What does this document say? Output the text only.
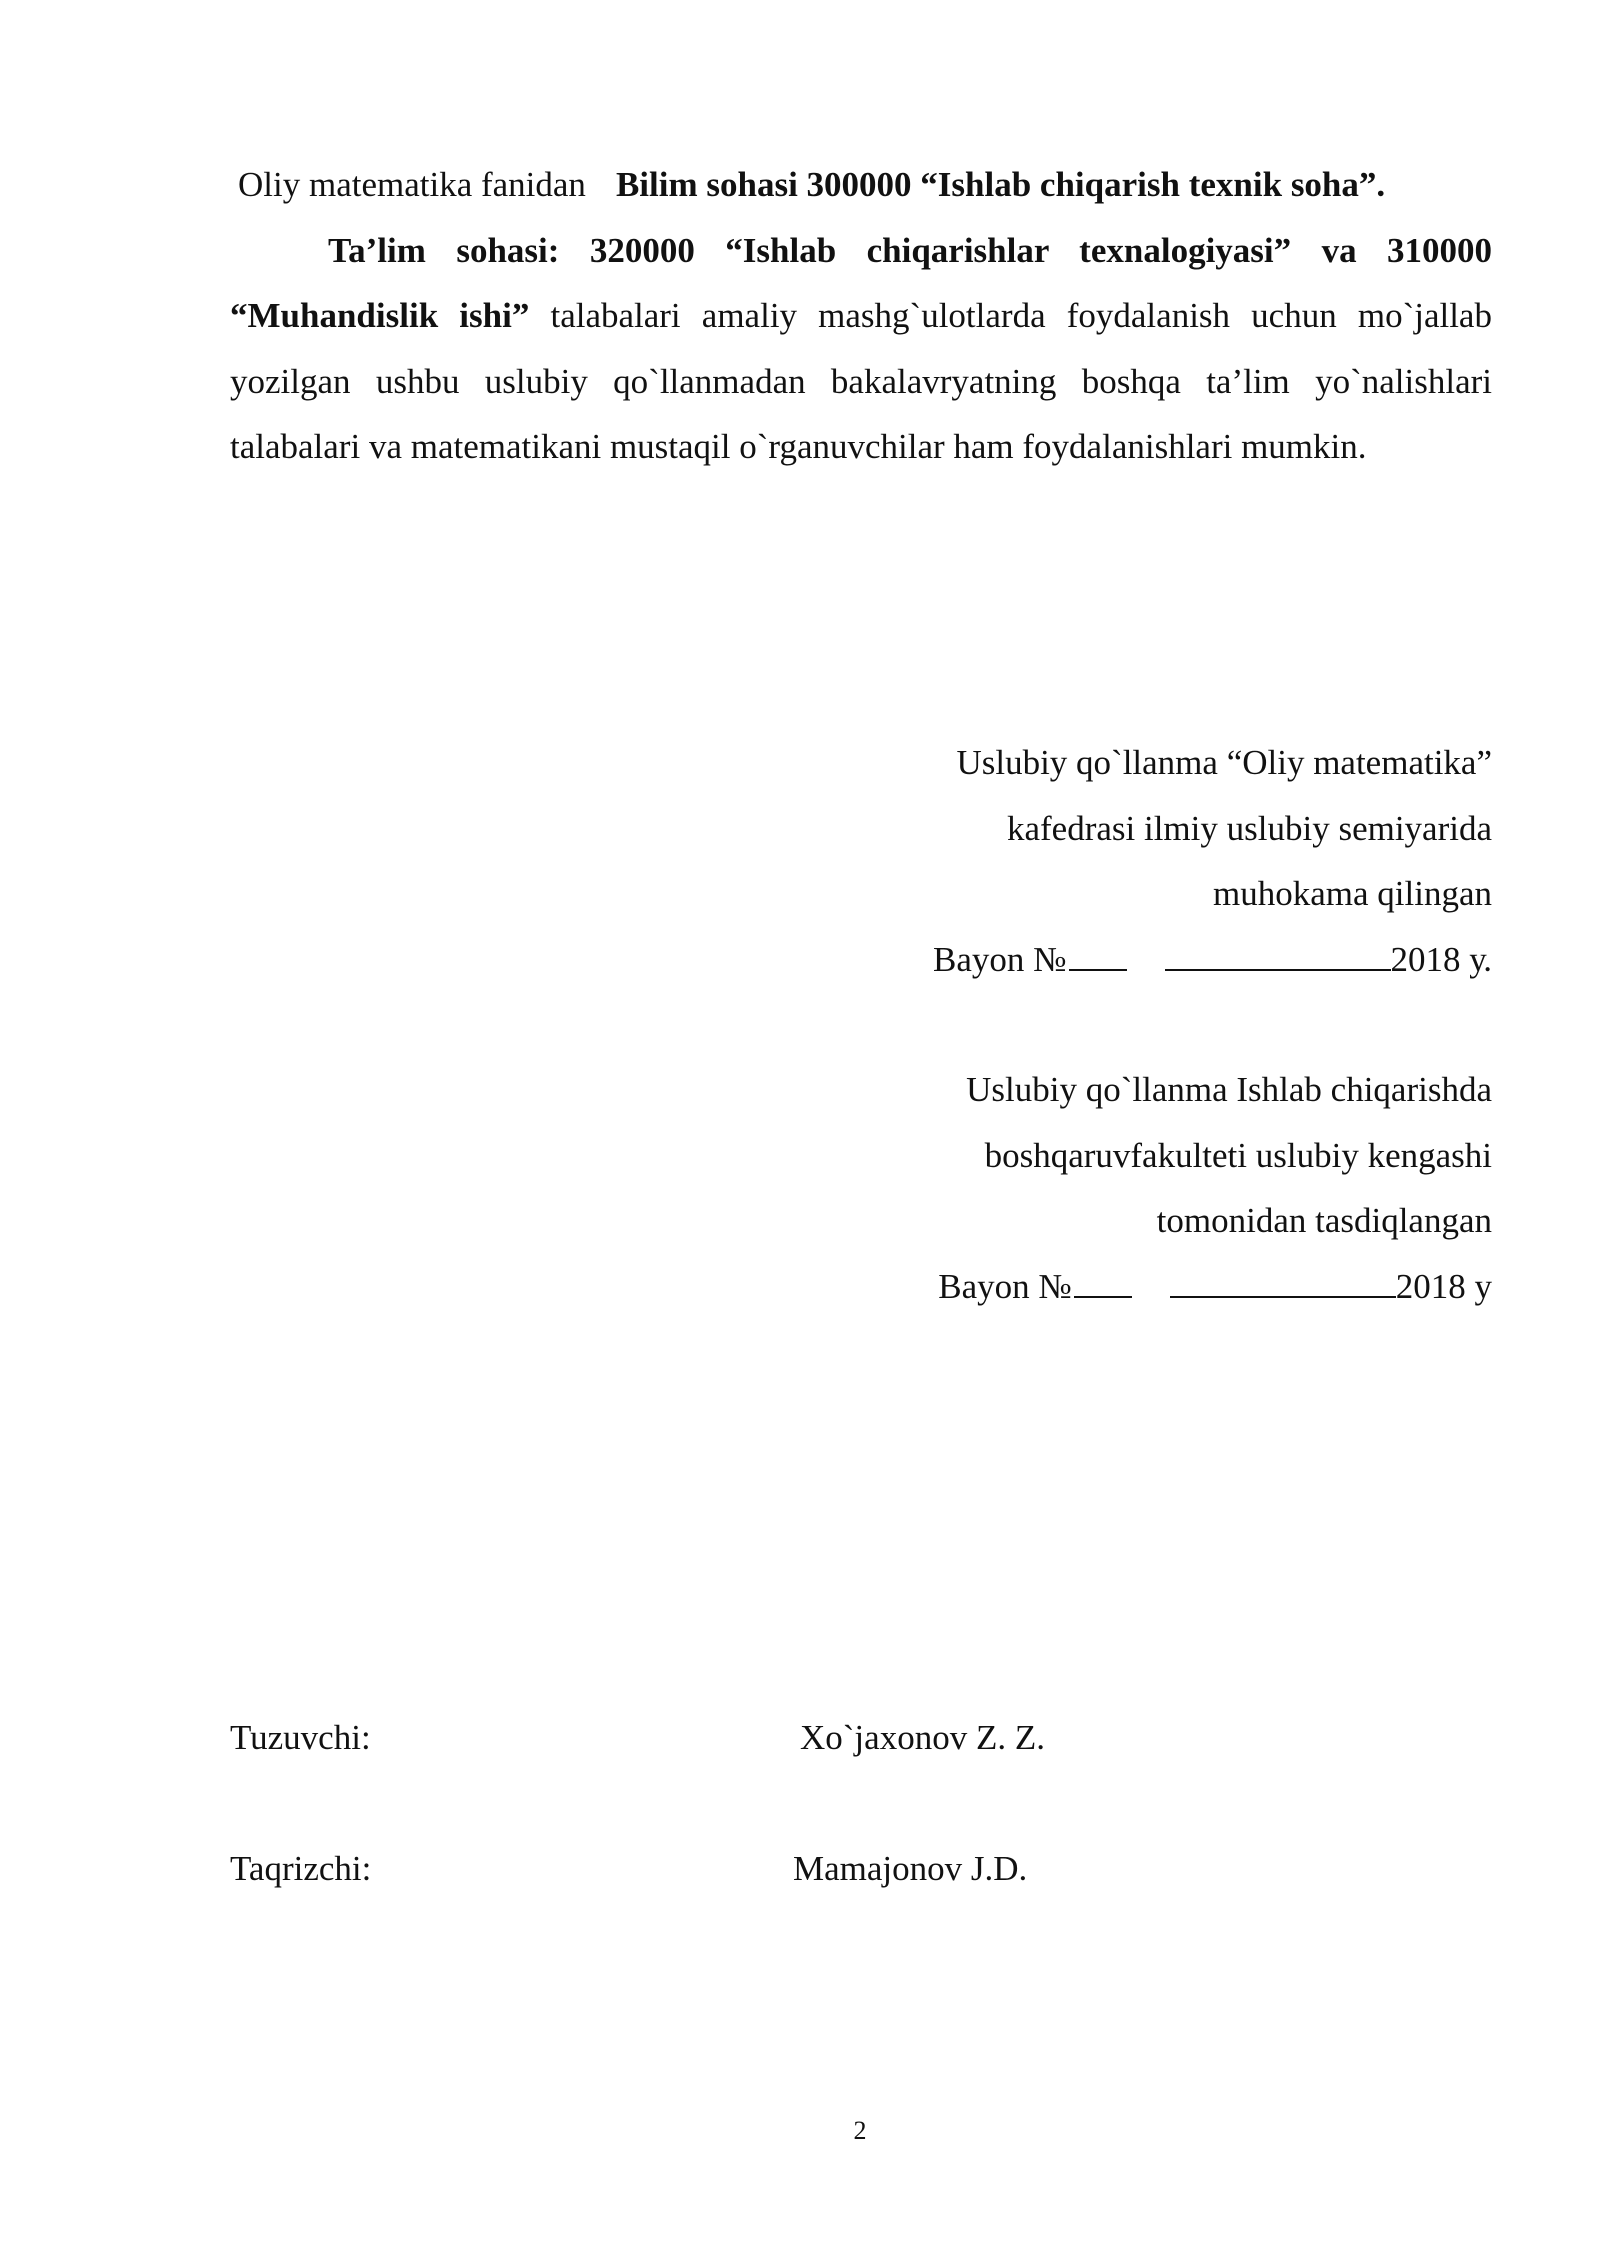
Oliy matematika fanidan Bilim sohasi 300000 “Ishlab chiqarish texnik soha”.
Ta’lim sohasi: 320000 “Ishlab chiqarishlar texnalogiyasi” va 310000 “Muhandislik ishi” talabalari amaliy mashg`ulotlarda foydalanish uchun mo`jallab yozilgan ushbu uslubiy qo`llanmadan bakalavryatning boshqa ta’lim yo`nalishlari talabalari va matematikani mustaqil o`rganuvchilar ham foydalanishlari mumkin.

Uslubiy qo`llanma “Oliy matematika”

kafedrasi ilmiy uslubiy semiyarida

muhokama qilingan

Bayon №	2018 у.

Uslubiy qo`llanma Ishlab chiqarishda

boshqaruvfakulteti uslubiy kengashi

tomonidan tasdiqlangan

Bayon №	2018 у

Tuzuvchi:	Xo`jaxonov Z. Z.
Taqrizchi:	Mamajonov J.D.
2
